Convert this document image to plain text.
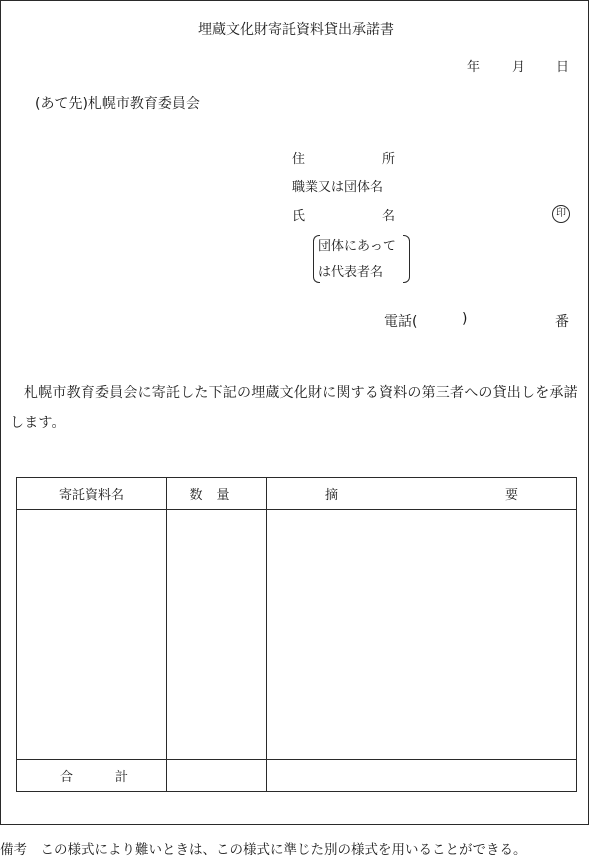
埋蔵文化財寄託資料貸出承諾書
年 月 日
(あて先)札幌市教育委員会
住	所
職業又は団体名
氏	名	印
団体にあって
は代表者名
電話(	)	番
札幌市教育委員会に寄託した下記の埋蔵文化財に関する資料の第三者への貸出しを承諾します。
寄託資料名	数量	摘 要

合 計		

備考　この様式により難いときは、この様式に準じた別の様式を用いることができる。
